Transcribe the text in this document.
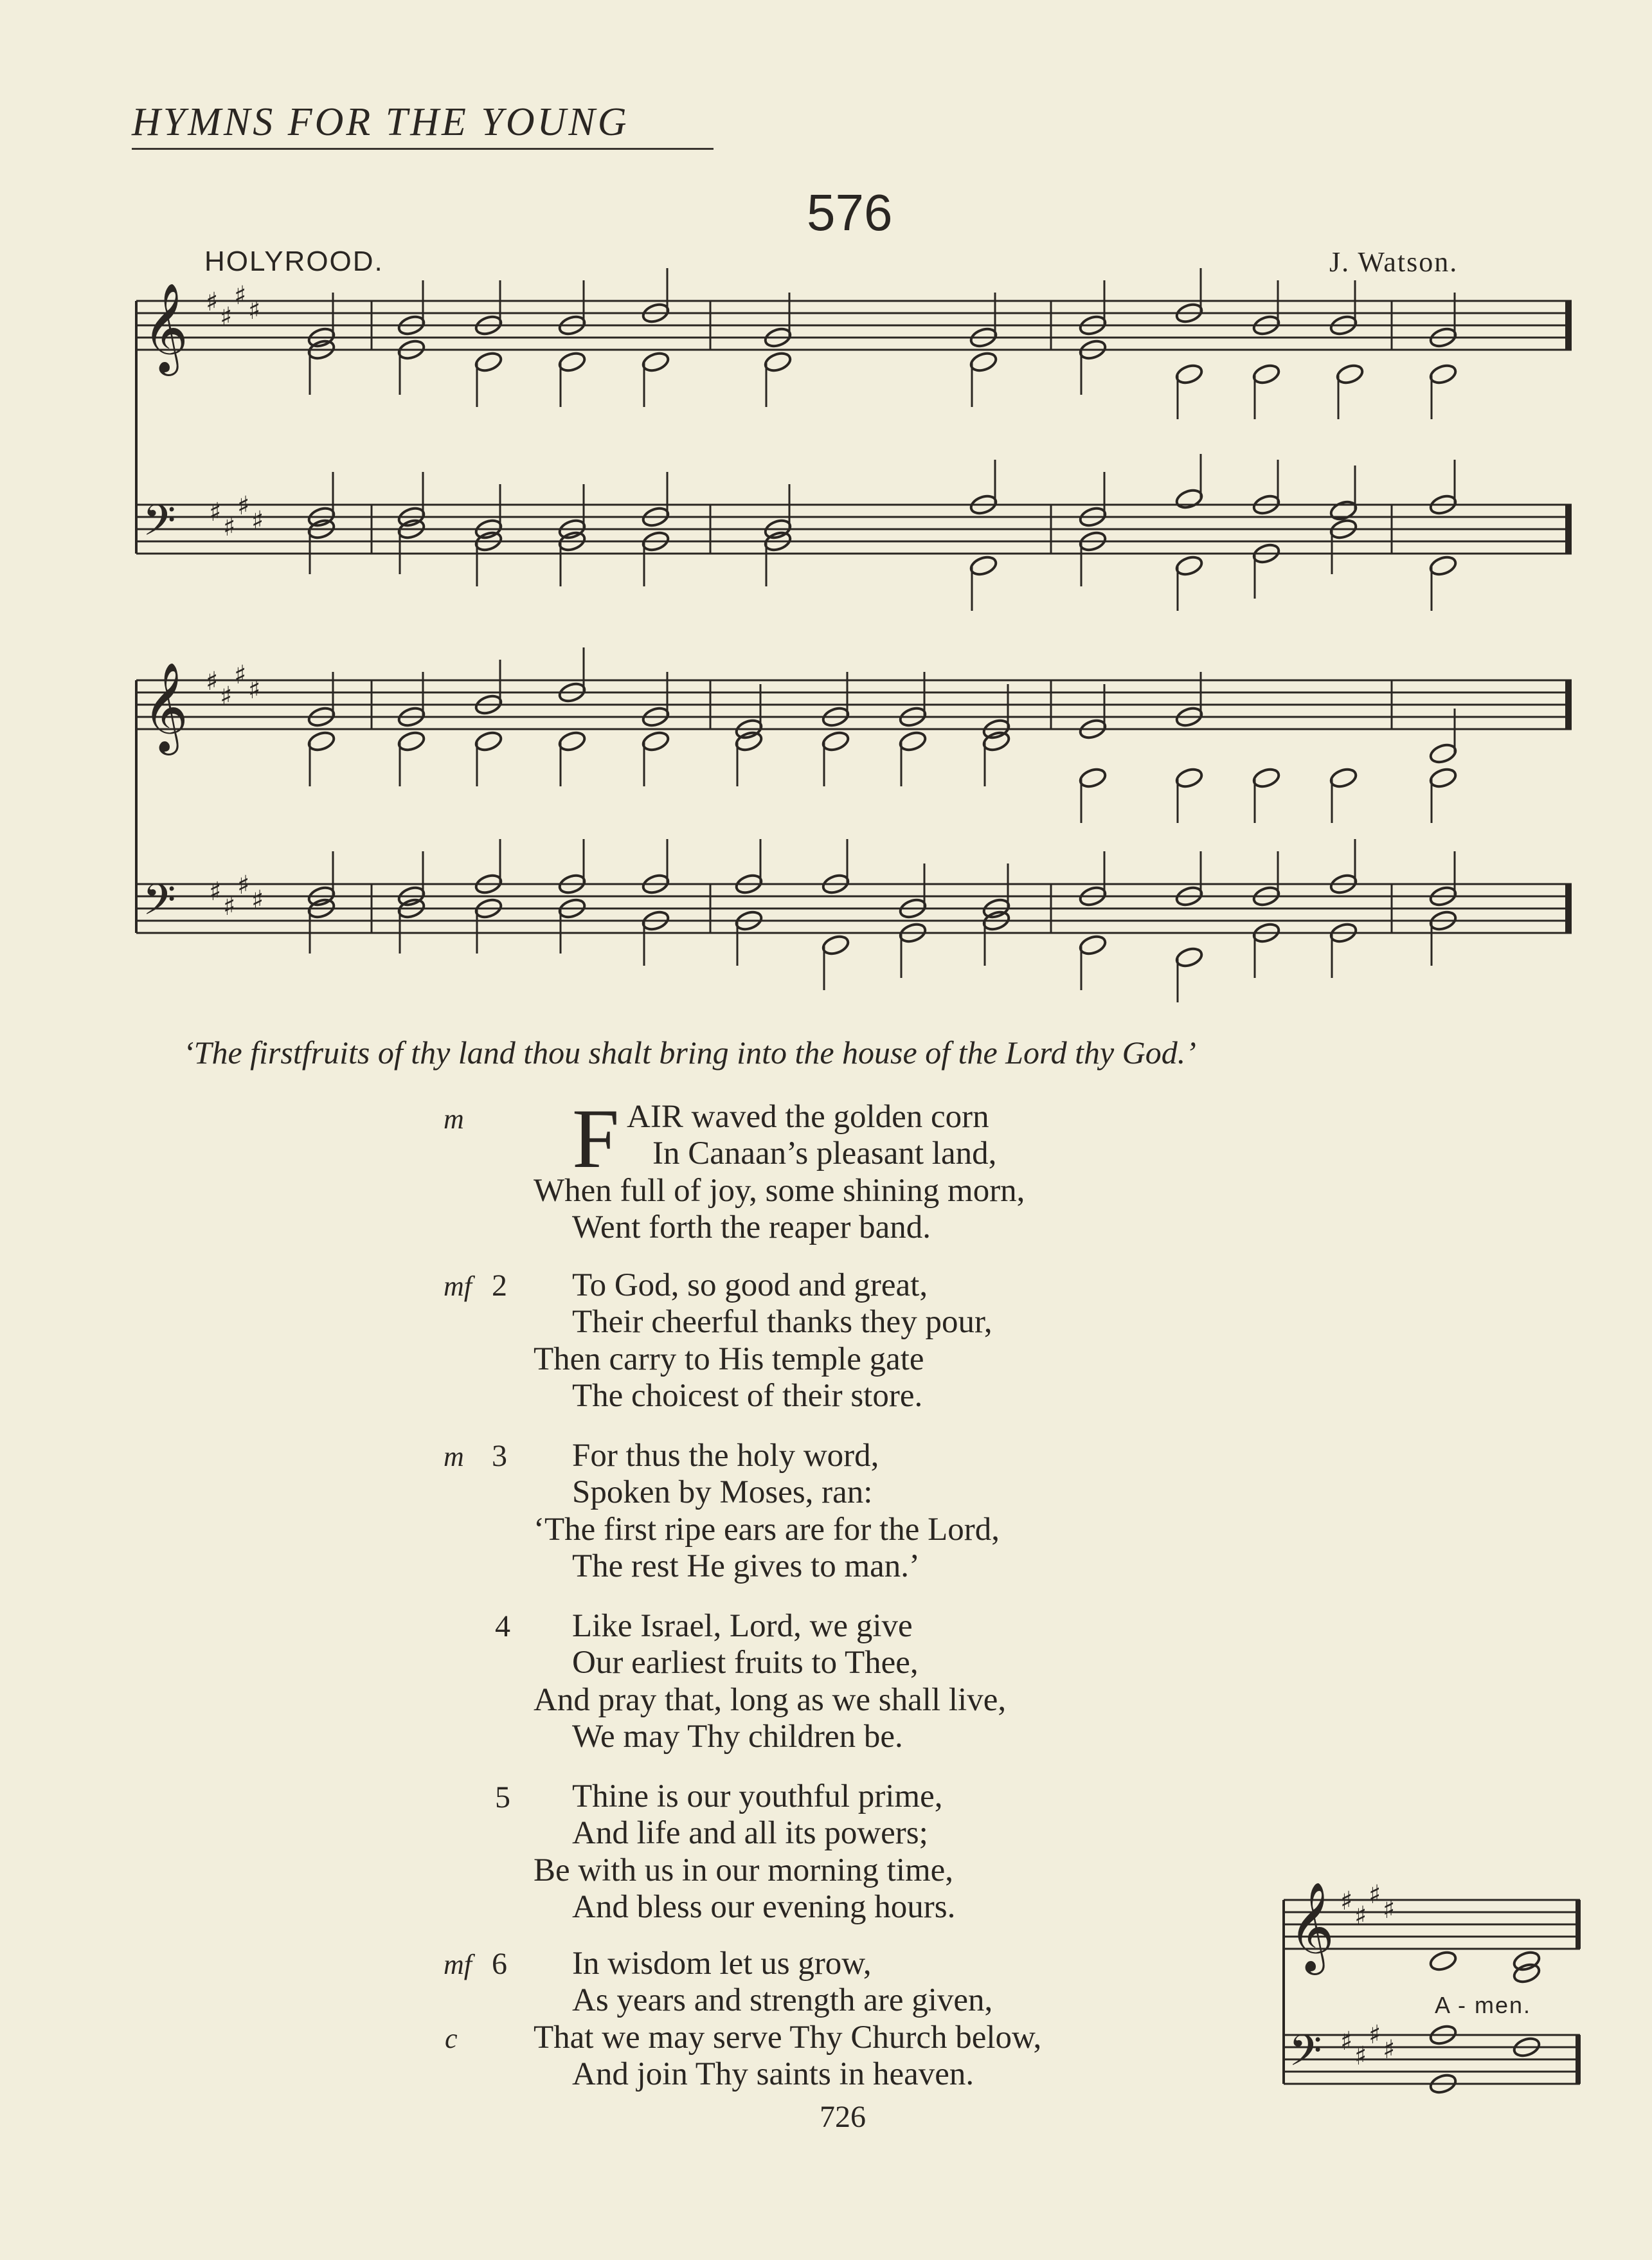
HYMNS FOR THE YOUNG
576
HOLYROOD.	J. Watson.
𝄞
𝄢
♯ ♯
♯ ♯
♯ ♯
♯ ♯
𝄞
𝄢
♯ ♯
♯ ♯
♯ ♯
♯ ♯
𝄞
𝄢
♯ ♯
♯ ♯
♯ ♯
♯ ♯
‘The firstfruits of thy land thou shalt bring into the house of the Lord thy God.’
F
m	AIR waved the golden corn
In Canaan’s pleasant land,
When full of joy, some shining morn,
Went forth the reaper band.
mf 2 To God, so good and great,
Their cheerful thanks they pour,
Then carry to His temple gate
The choicest of their store.
m 3 For thus the holy word,
Spoken by Moses, ran:
‘The first ripe ears are for the Lord,
The rest He gives to man.’
4 Like Israel, Lord, we give
Our earliest fruits to Thee,
And pray that, long as we shall live,
We may Thy children be.
5 Thine is our youthful prime,
And life and all its powers;
Be with us in our morning time,
And bless our evening hours.
mf 6 In wisdom let us grow,
As years and strength are given,
c That we may serve Thy Church below,
And join Thy saints in heaven.
A - men.
726
